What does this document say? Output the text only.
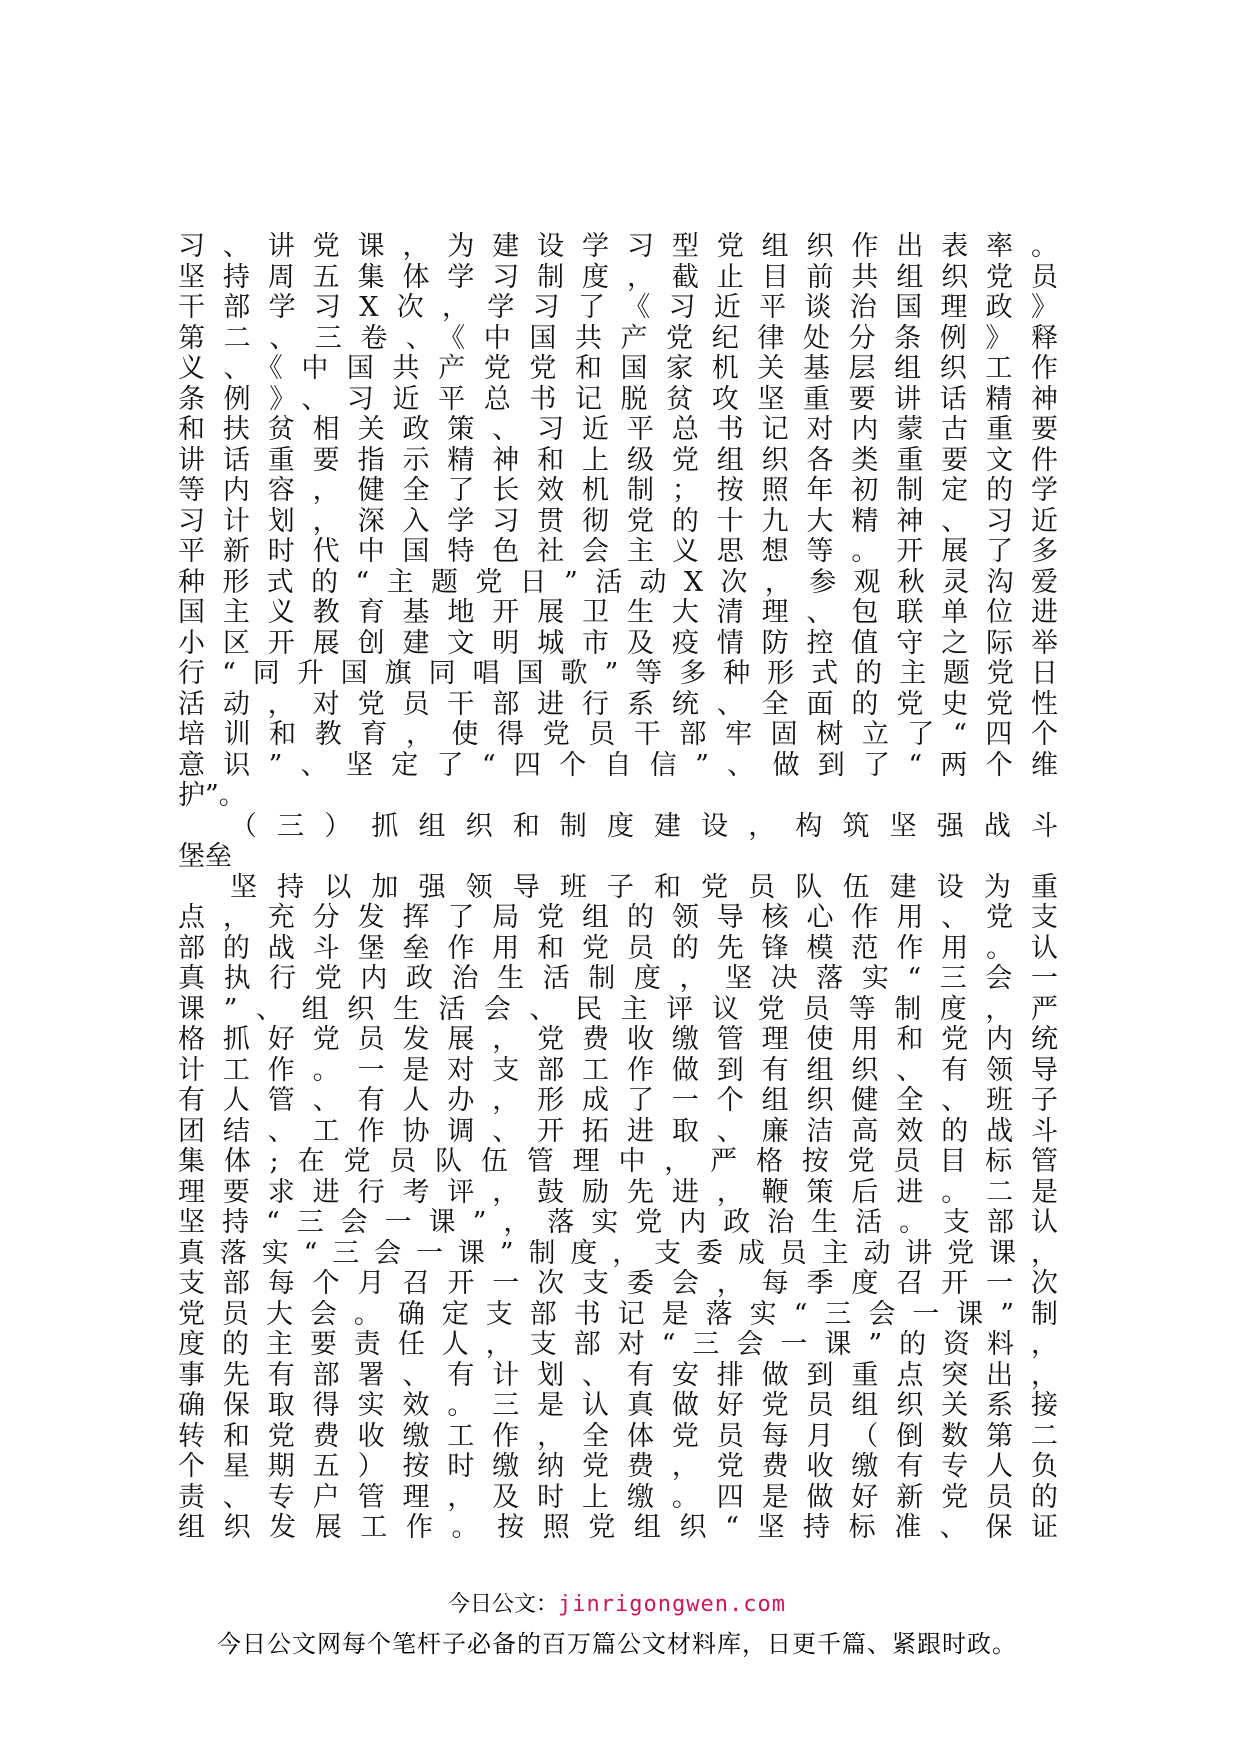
习、讲党课，为建设学习型党组织作出表率。
坚持周五集体学习制度，截止目前共组织党员
干部学习X次，学习了《习近平谈治国理政》
第二、三卷、《中国共产党纪律处分条例》释
义、《中国共产党党和国家机关基层组织工作
条例》、习近平总书记脱贫攻坚重要讲话精神
和扶贫相关政策、习近平总书记对内蒙古重要
讲话重要指示精神和上级党组织各类重要文件
等内容，健全了长效机制；按照年初制定的学
习计划，深入学习贯彻党的十九大精神、习近
平新时代中国特色社会主义思想等。开展了多
种形式的“主题党日”活动X次，参观秋灵沟爱
国主义教育基地开展卫生大清理、包联单位进
小区开展创建文明城市及疫情防控值守之际举
行“同升国旗同唱国歌”等多种形式的主题党日
活动，对党员干部进行系统、全面的党史党性
培训和教育，使得党员干部牢固树立了“四个
意识”、坚定了“四个自信”、做到了“两个维
护”。
（三）抓组织和制度建设，构筑坚强战斗
堡垒
坚持以加强领导班子和党员队伍建设为重
点，充分发挥了局党组的领导核心作用、党支
部的战斗堡垒作用和党员的先锋模范作用。认
真执行党内政治生活制度，坚决落实“三会一
课”、组织生活会、民主评议党员等制度，严
格抓好党员发展，党费收缴管理使用和党内统
计工作。一是对支部工作做到有组织、有领导
有人管、有人办，形成了一个组织健全、班子
团结、工作协调、开拓进取、廉洁高效的战斗
集体;在党员队伍管理中，严格按党员目标管
理要求进行考评，鼓励先进，鞭策后进。二是
坚持“三会一课”，落实党内政治生活。支部认
真落实“三会一课”制度，支委成员主动讲党课，
支部每个月召开一次支委会，每季度召开一次
党员大会。确定支部书记是落实“三会一课”制
度的主要责任人，支部对“三会一课”的资料，
事先有部署、有计划、有安排做到重点突出，
确保取得实效。三是认真做好党员组织关系接
转和党费收缴工作，全体党员每月（倒数第二
个星期五）按时缴纳党费，党费收缴有专人负
责、专户管理，及时上缴。四是做好新党员的
组织发展工作。按照党组织“坚持标准、保证
今日公文：jinrigongwen.com
今日公文网每个笔杆子必备的百万篇公文材料库，日更千篇、紧跟时政。
